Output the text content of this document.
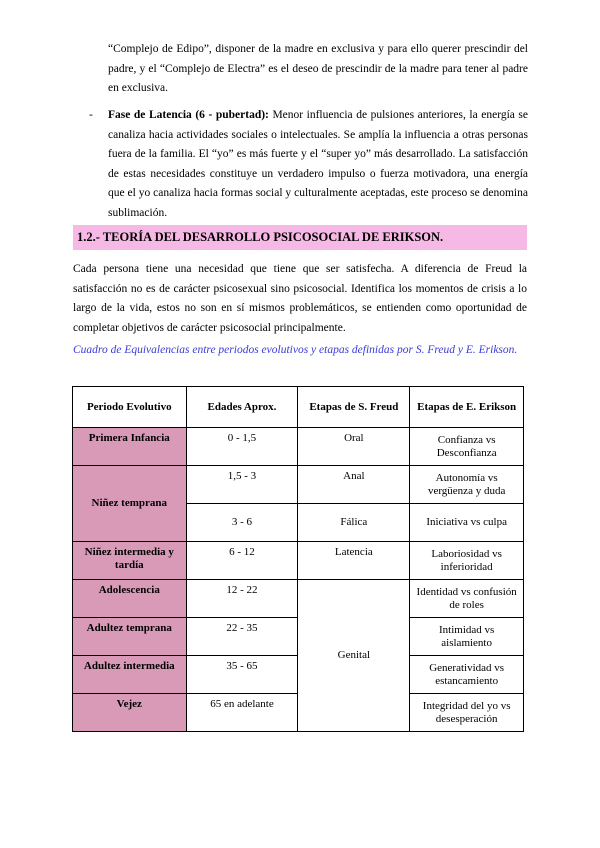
“Complejo de Edipo”, disponer de la madre en exclusiva y para ello querer prescindir del padre, y el “Complejo de Electra” es el deseo de prescindir de la madre para tener al padre en exclusiva.
- Fase de Latencia (6 - pubertad): Menor influencia de pulsiones anteriores, la energía se canaliza hacia actividades sociales o intelectuales. Se amplía la influencia a otras personas fuera de la familia. El “yo” es más fuerte y el “super yo” más desarrollado. La satisfacción de estas necesidades constituye un verdadero impulso o fuerza motivadora, una energía que el yo canaliza hacia formas social y culturalmente aceptadas, este proceso se denomina sublimación.
1.2.- TEORÍA DEL DESARROLLO PSICOSOCIAL DE ERIKSON.
Cada persona tiene una necesidad que tiene que ser satisfecha. A diferencia de Freud la satisfacción no es de carácter psicosexual sino psicosocial. Identifica los momentos de crisis a lo largo de la vida, estos no son en sí mismos problemáticos, se entienden como oportunidad de completar objetivos de carácter psicosocial principalmente.
Cuadro de Equivalencias entre periodos evolutivos y etapas definidas por S. Freud y E. Erikson.
Periodo Evolutivo	Edades Aprox.	Etapas de S. Freud	Etapas de E. Erikson
Primera Infancia	0 - 1,5	Oral	Confianza vs Desconfianza
Niñez temprana	1,5 - 3	Anal	Autonomía vs vergüenza y duda
	3 - 6	Fálica	Iniciativa vs culpa
Niñez intermedia y tardía	6 - 12	Latencia	Laboriosidad vs inferioridad
Adolescencia	12 - 22	Genital	Identidad vs confusión de roles
Adultez temprana	22 - 35		Intimidad vs aislamiento
Adultez intermedia	35 - 65		Generatividad vs estancamiento
Vejez	65 en adelante		Integridad del yo vs desesperación
